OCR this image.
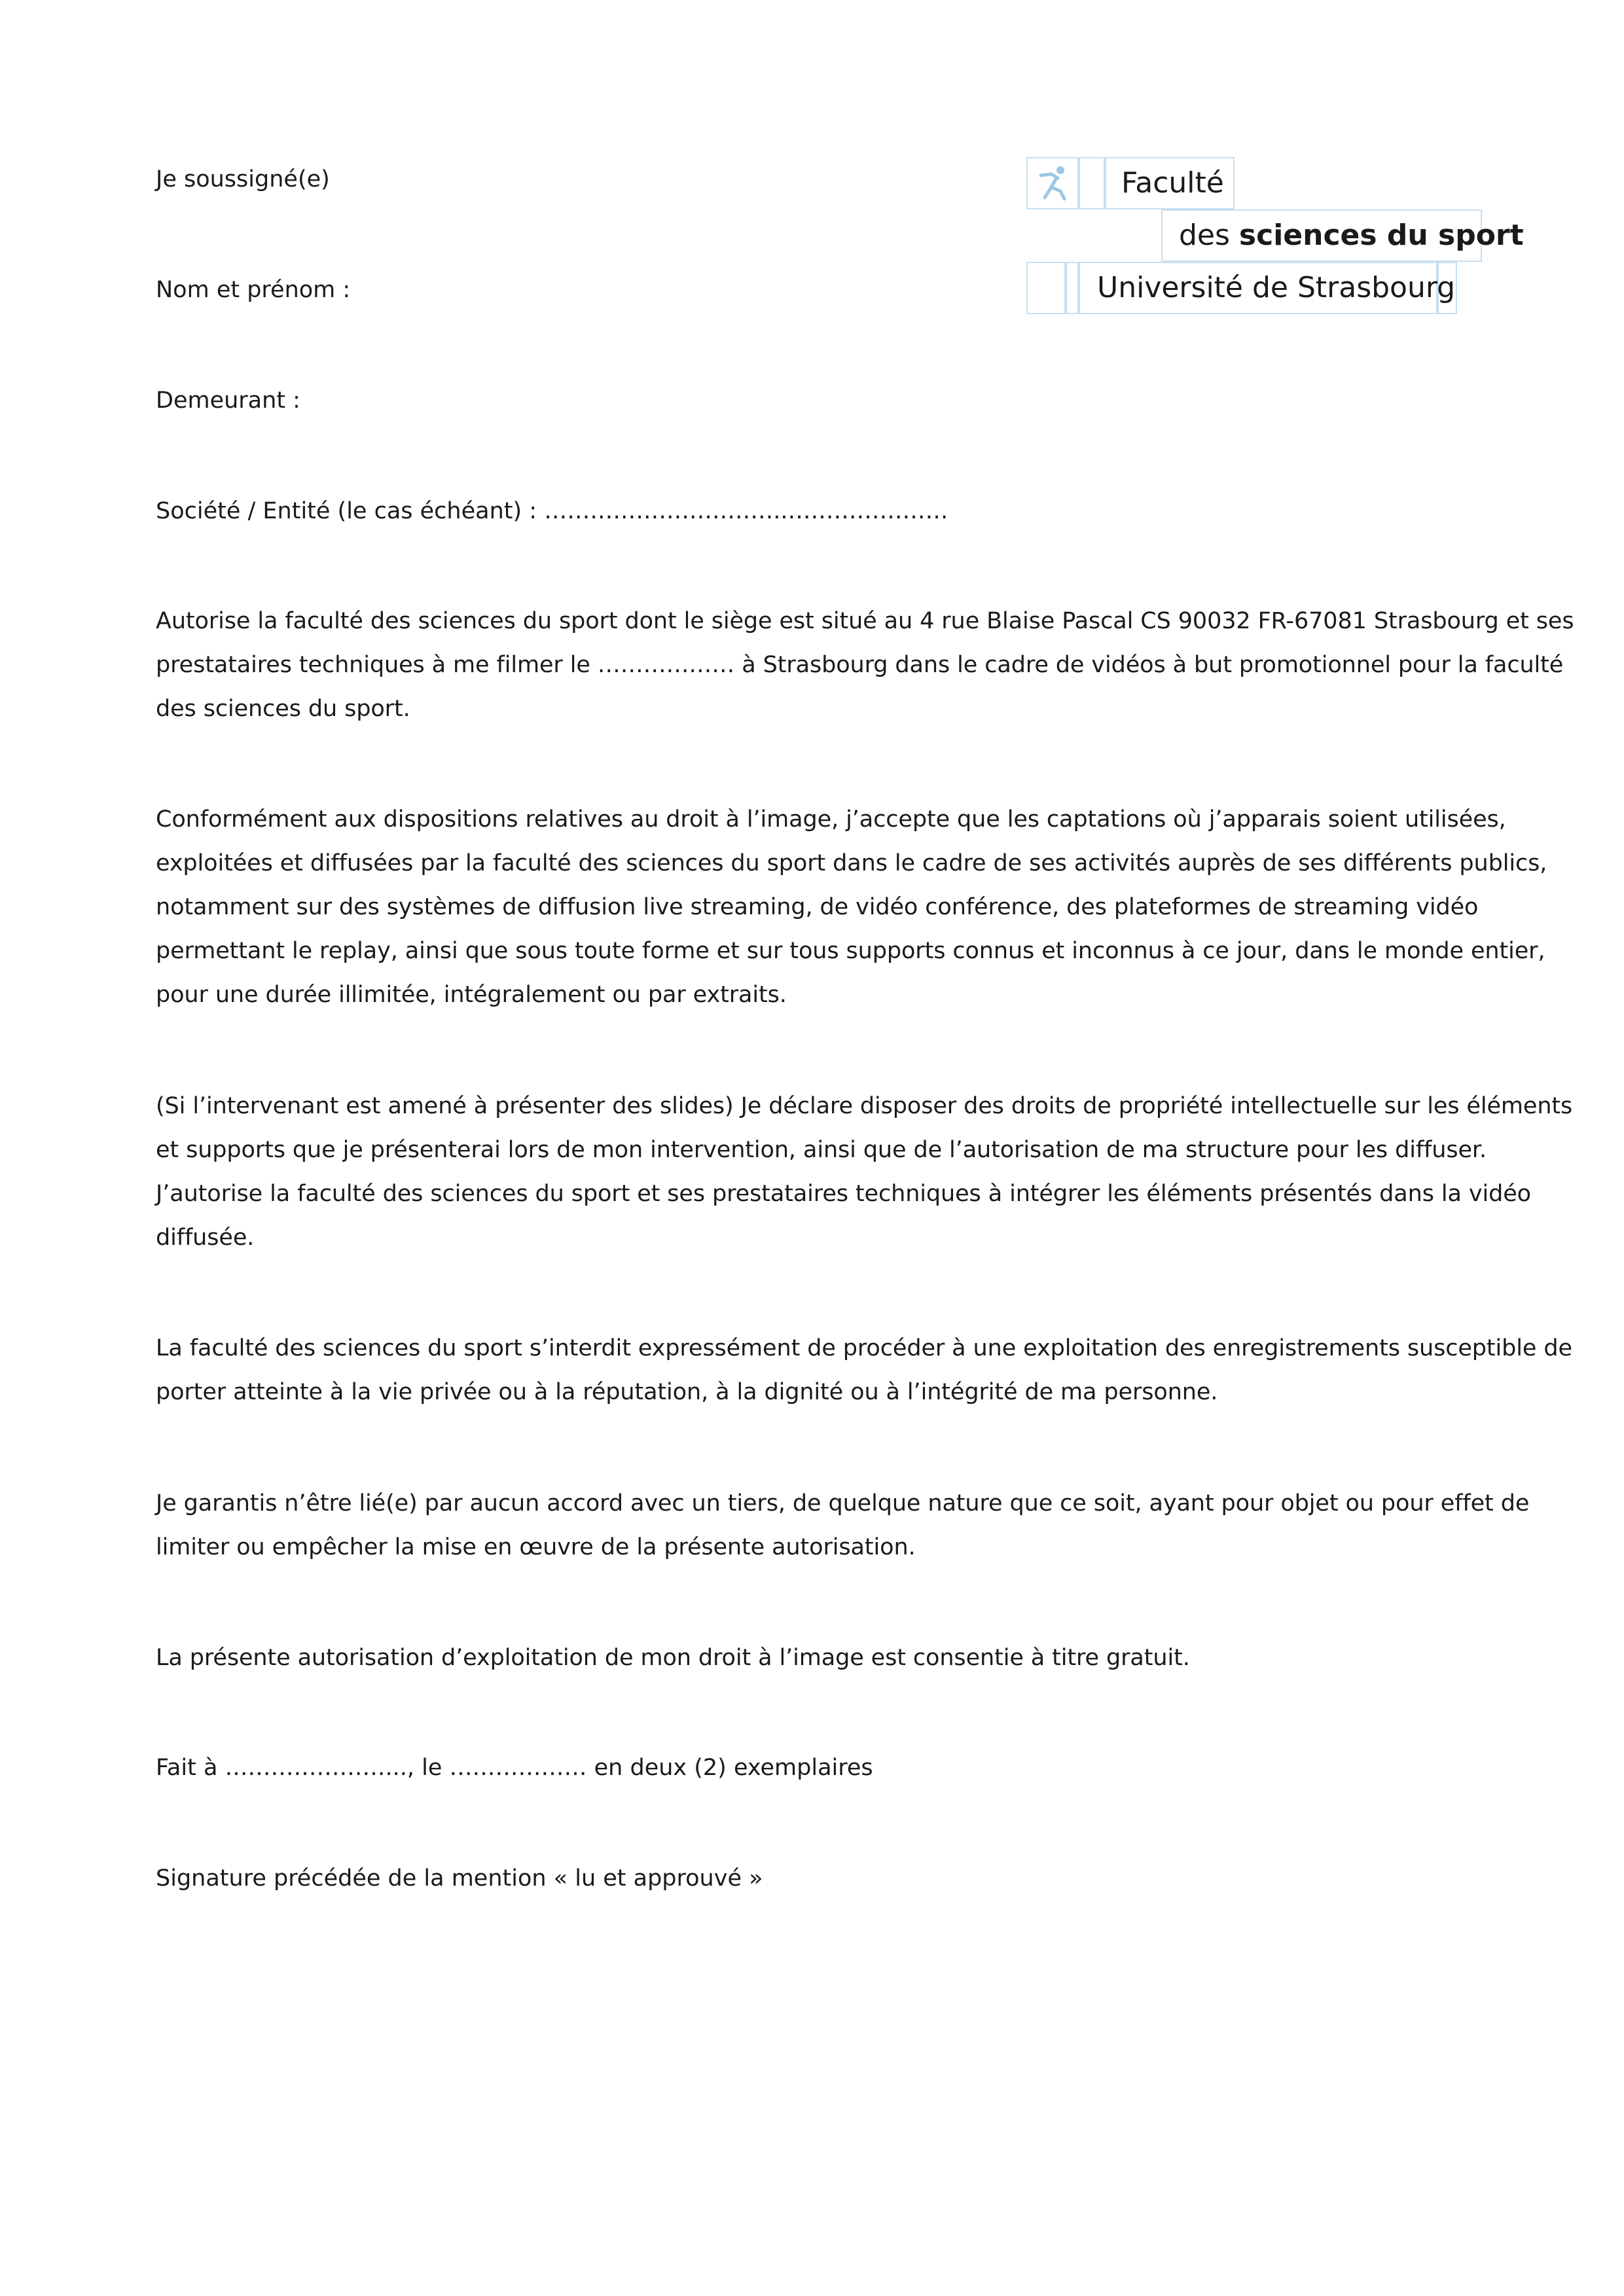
Faculté
des sciences du sport
Université de Strasbourg

Je soussigné(e)

Nom et prénom :

Demeurant :

Société / Entité (le cas échéant) : …………………………..…………………

Autorise la faculté des sciences du sport dont le siège est situé au 4 rue Blaise Pascal CS 90032 FR-67081 Strasbourg et ses
prestataires techniques à me filmer le ……………… à Strasbourg dans le cadre de vidéos à but promotionnel pour la faculté
des sciences du sport.
Conformément aux dispositions relatives au droit à l’image, j’accepte que les captations où j’apparais soient utilisées,
exploitées et diffusées par la faculté des sciences du sport dans le cadre de ses activités auprès de ses différents publics,
notamment sur des systèmes de diffusion live streaming, de vidéo conférence, des plateformes de streaming vidéo
permettant le replay, ainsi que sous toute forme et sur tous supports connus et inconnus à ce jour, dans le monde entier,
pour une durée illimitée, intégralement ou par extraits.
(Si l’intervenant est amené à présenter des slides) Je déclare disposer des droits de propriété intellectuelle sur les éléments
et supports que je présenterai lors de mon intervention, ainsi que de l’autorisation de ma structure pour les diffuser.
J’autorise la faculté des sciences du sport et ses prestataires techniques à intégrer les éléments présentés dans la vidéo
diffusée.
La faculté des sciences du sport s’interdit expressément de procéder à une exploitation des enregistrements susceptible de
porter atteinte à la vie privée ou à la réputation, à la dignité ou à l’intégrité de ma personne.
Je garantis n’être lié(e) par aucun accord avec un tiers, de quelque nature que ce soit, ayant pour objet ou pour effet de
limiter ou empêcher la mise en œuvre de la présente autorisation.
La présente autorisation d’exploitation de mon droit à l’image est consentie à titre gratuit.

Fait à …………………..., le ……………… en deux (2) exemplaires

Signature précédée de la mention « lu et approuvé »
